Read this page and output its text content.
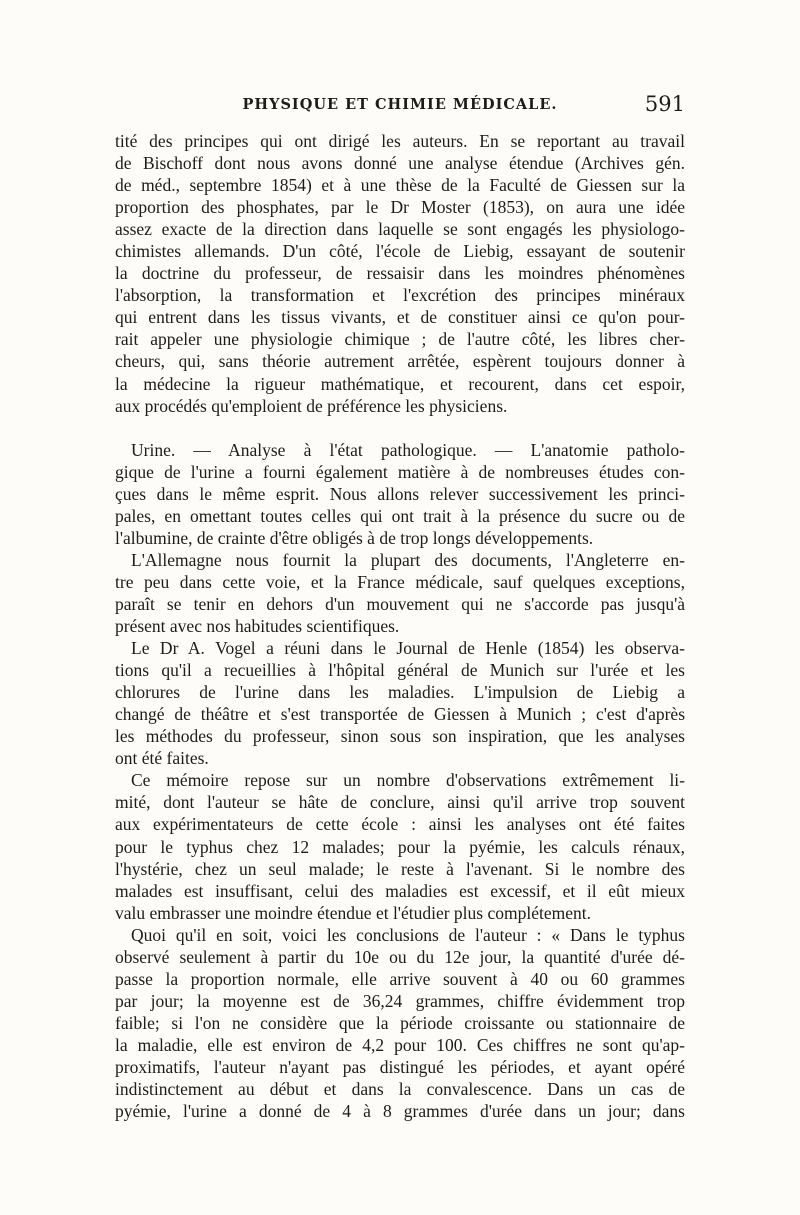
PHYSIQUE ET CHIMIE MÉDICALE.	591
tité des principes qui ont dirigé les auteurs. En se reportant au travail
de Bischoff dont nous avons donné une analyse étendue (Archives gén.
de méd., septembre 1854) et à une thèse de la Faculté de Giessen sur la
proportion des phosphates, par le Dr Moster (1853), on aura une idée
assez exacte de la direction dans laquelle se sont engagés les physiologo-
chimistes allemands. D'un côté, l'école de Liebig, essayant de soutenir
la doctrine du professeur, de ressaisir dans les moindres phénomènes
l'absorption, la transformation et l'excrétion des principes minéraux
qui entrent dans les tissus vivants, et de constituer ainsi ce qu'on pour-
rait appeler une physiologie chimique ; de l'autre côté, les libres cher-
cheurs, qui, sans théorie autrement arrêtée, espèrent toujours donner à
la médecine la rigueur mathématique, et recourent, dans cet espoir,
aux procédés qu'emploient de préférence les physiciens.
Urine. — Analyse à l'état pathologique. — L'anatomie patholo-
gique de l'urine a fourni également matière à de nombreuses études con-
çues dans le même esprit. Nous allons relever successivement les princi-
pales, en omettant toutes celles qui ont trait à la présence du sucre ou de
l'albumine, de crainte d'être obligés à de trop longs développements.
L'Allemagne nous fournit la plupart des documents, l'Angleterre en-
tre peu dans cette voie, et la France médicale, sauf quelques exceptions,
paraît se tenir en dehors d'un mouvement qui ne s'accorde pas jusqu'à
présent avec nos habitudes scientifiques.
Le Dr A. Vogel a réuni dans le Journal de Henle (1854) les observa-
tions qu'il a recueillies à l'hôpital général de Munich sur l'urée et les
chlorures de l'urine dans les maladies. L'impulsion de Liebig a
changé de théâtre et s'est transportée de Giessen à Munich ; c'est d'après
les méthodes du professeur, sinon sous son inspiration, que les analyses
ont été faites.
Ce mémoire repose sur un nombre d'observations extrêmement li-
mité, dont l'auteur se hâte de conclure, ainsi qu'il arrive trop souvent
aux expérimentateurs de cette école : ainsi les analyses ont été faites
pour le typhus chez 12 malades; pour la pyémie, les calculs rénaux,
l'hystérie, chez un seul malade; le reste à l'avenant. Si le nombre des
malades est insuffisant, celui des maladies est excessif, et il eût mieux
valu embrasser une moindre étendue et l'étudier plus complétement.
Quoi qu'il en soit, voici les conclusions de l'auteur : « Dans le typhus
observé seulement à partir du 10e ou du 12e jour, la quantité d'urée dé-
passe la proportion normale, elle arrive souvent à 40 ou 60 grammes
par jour; la moyenne est de 36,24 grammes, chiffre évidemment trop
faible; si l'on ne considère que la période croissante ou stationnaire de
la maladie, elle est environ de 4,2 pour 100. Ces chiffres ne sont qu'ap-
proximatifs, l'auteur n'ayant pas distingué les périodes, et ayant opéré
indistinctement au début et dans la convalescence. Dans un cas de
pyémie, l'urine a donné de 4 à 8 grammes d'urée dans un jour; dans
